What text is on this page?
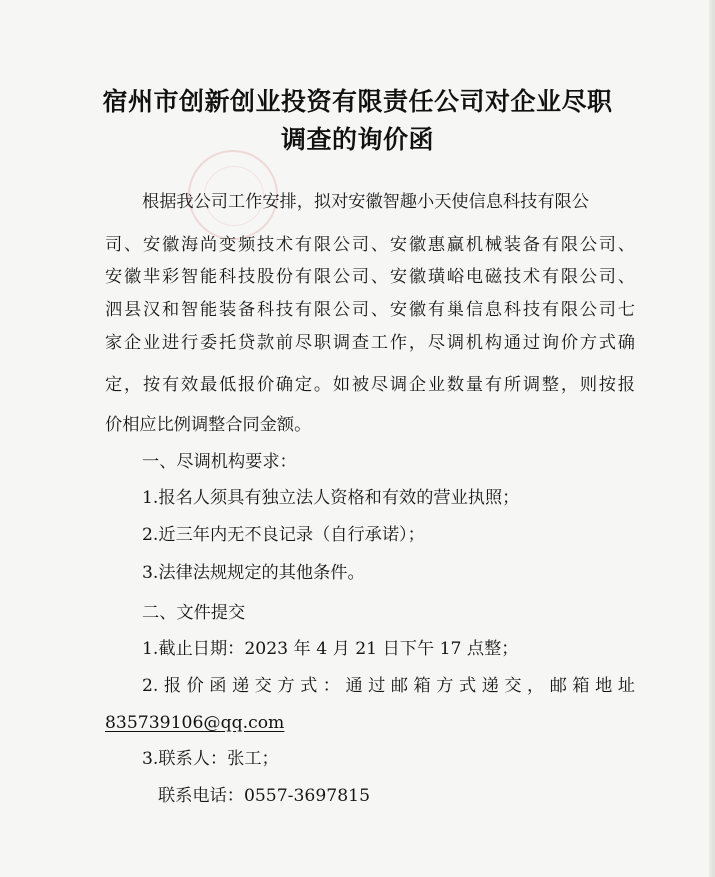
宿州市创新创业投资有限责任公司对企业尽职
调查的询价函
根据我公司工作安排，拟对安徽智趣小天使信息科技有限公
司、安徽海尚变频技术有限公司、安徽惠赢机械装备有限公司、
安徽芈彩智能科技股份有限公司、安徽璜峪电磁技术有限公司、
泗县汉和智能装备科技有限公司、安徽有巢信息科技有限公司七
家企业进行委托贷款前尽职调查工作，尽调机构通过询价方式确
定，按有效最低报价确定。如被尽调企业数量有所调整，则按报
价相应比例调整合同金额。
一、尽调机构要求：
1.报名人须具有独立法人资格和有效的营业执照；
2.近三年内无不良记录（自行承诺）；
3.法律法规规定的其他条件。
二、文件提交
1.截止日期：2023 年 4 月 21 日下午 17 点整；
2.报价函递交方式：通过邮箱方式递交，邮箱地址
835739106@qq.com
3.联系人：张工；
联系电话：0557-3697815
